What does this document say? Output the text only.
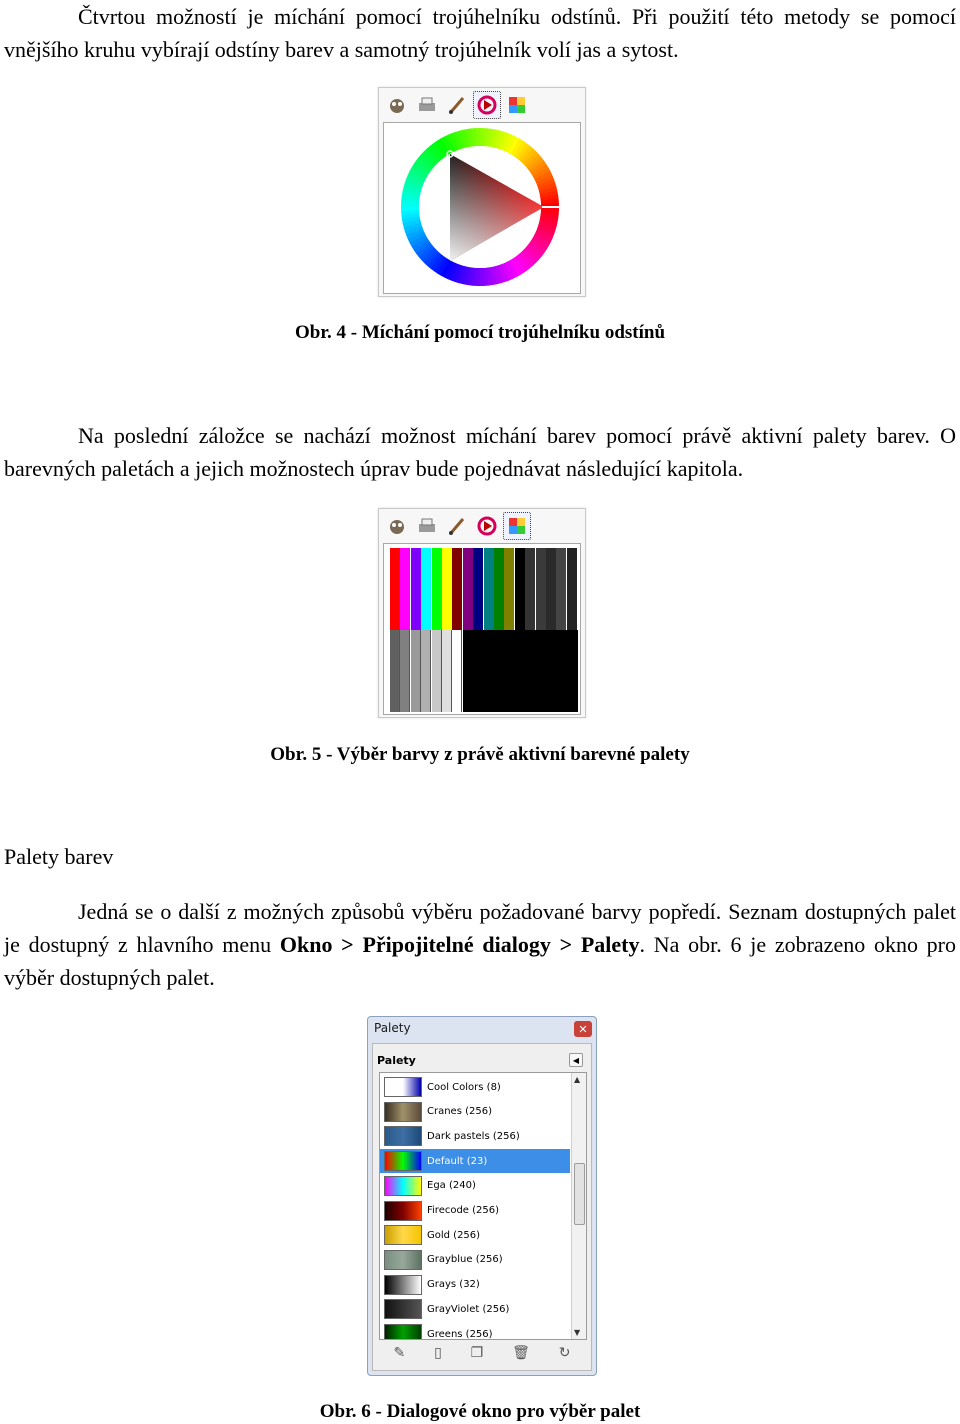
Čtvrtou možností je míchání pomocí trojúhelníku odstínů. Při použití této metody se pomocí vnějšího kruhu vybírají odstíny barev a samotný trojúhelník volí jas a sytost.
Obr. 4 - Míchání pomocí trojúhelníku odstínů
Na poslední záložce se nachází možnost míchání barev pomocí právě aktivní palety barev. O barevných paletách a jejich možnostech úprav bude pojednávat následující kapitola.
Obr. 5 - Výběr barvy z právě aktivní barevné palety
Palety barev
Jedná se o další z možných způsobů výběru požadované barvy popředí. Seznam dostupných palet je dostupný z hlavního menu Okno > Připojitelné dialogy > Palety. Na obr. 6 je zobrazeno okno pro výběr dostupných palet.
Palety	✕
Palety	◀
▲
▼
Cool Colors (8)
Cranes (256)
Dark pastels (256)
Default (23)
Ega (240)
Firecode (256)
Gold (256)
Grayblue (256)
Grays (32)
GrayViolet (256)
Greens (256)
✎ ▯ ❐ 🗑 ↻
Obr. 6 - Dialogové okno pro výběr palet
